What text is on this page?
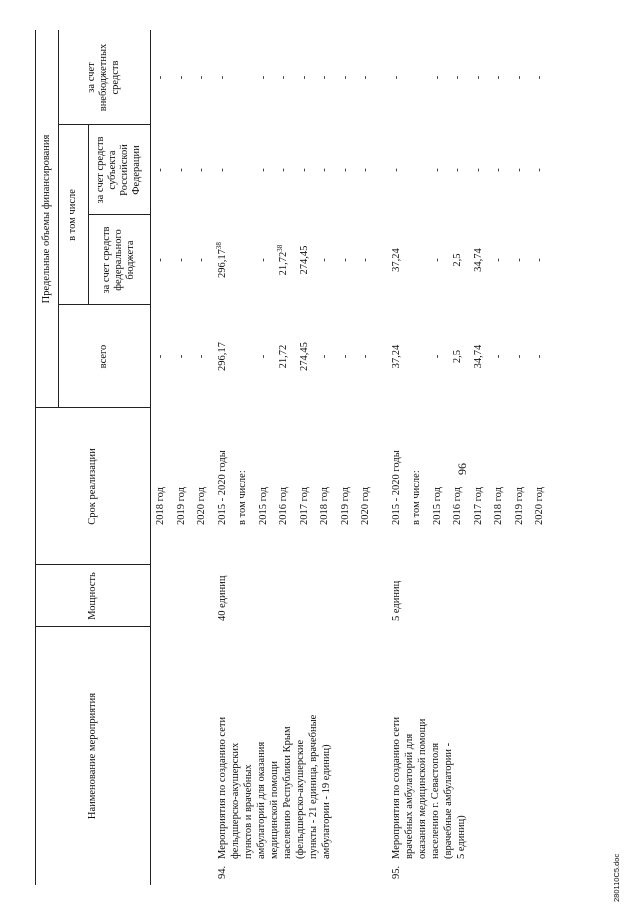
96
280110C5.doc
Наименование мероприятия
Мощность
Срок реализации
Предельные объемы финансирования
всего
в том числе
за счет средств федерального бюджета
за счет средств субъекта Российской Федерации
за счет внебюджетных средств
2018 год
-
-
-
-
2019 год
-
-
-
-
2020 год
-
-
-
-
94.
Мероприятия по созданию сети фельдшерско-акушерских пунктов и врачебных амбулаторий для оказания медицинской помощи населению Республики Крым (фельдшерско-акушерские пункты - 21 единица, врачебные амбулатории - 19 единиц)
40 единиц
2015 - 2020 годы
296,17
296,17$^{38}$
-
-
в том числе: 2015 год
-
-
-
-
2016 год
21,72
21,72$^{38}$
-
-
2017 год
274,45
274,45
-
-
2018 год
-
-
-
-
2019 год
-
-
-
-
2020 год
-
-
-
-
95.
Мероприятия по созданию сети врачебных амбулаторий для оказания медицинской помощи населению г. Севастополя (врачебные амбулатории - 5 единиц)
5 единиц
2015 - 2020 годы
37,24
37,24
-
-
в том числе: 2015 год
-
-
-
-
2016 год
2,5
2,5
-
-
2017 год
34,74
34,74
-
-
2018 год
-
-
-
-
2019 год
-
-
-
-
2020 год
-
-
-
-
